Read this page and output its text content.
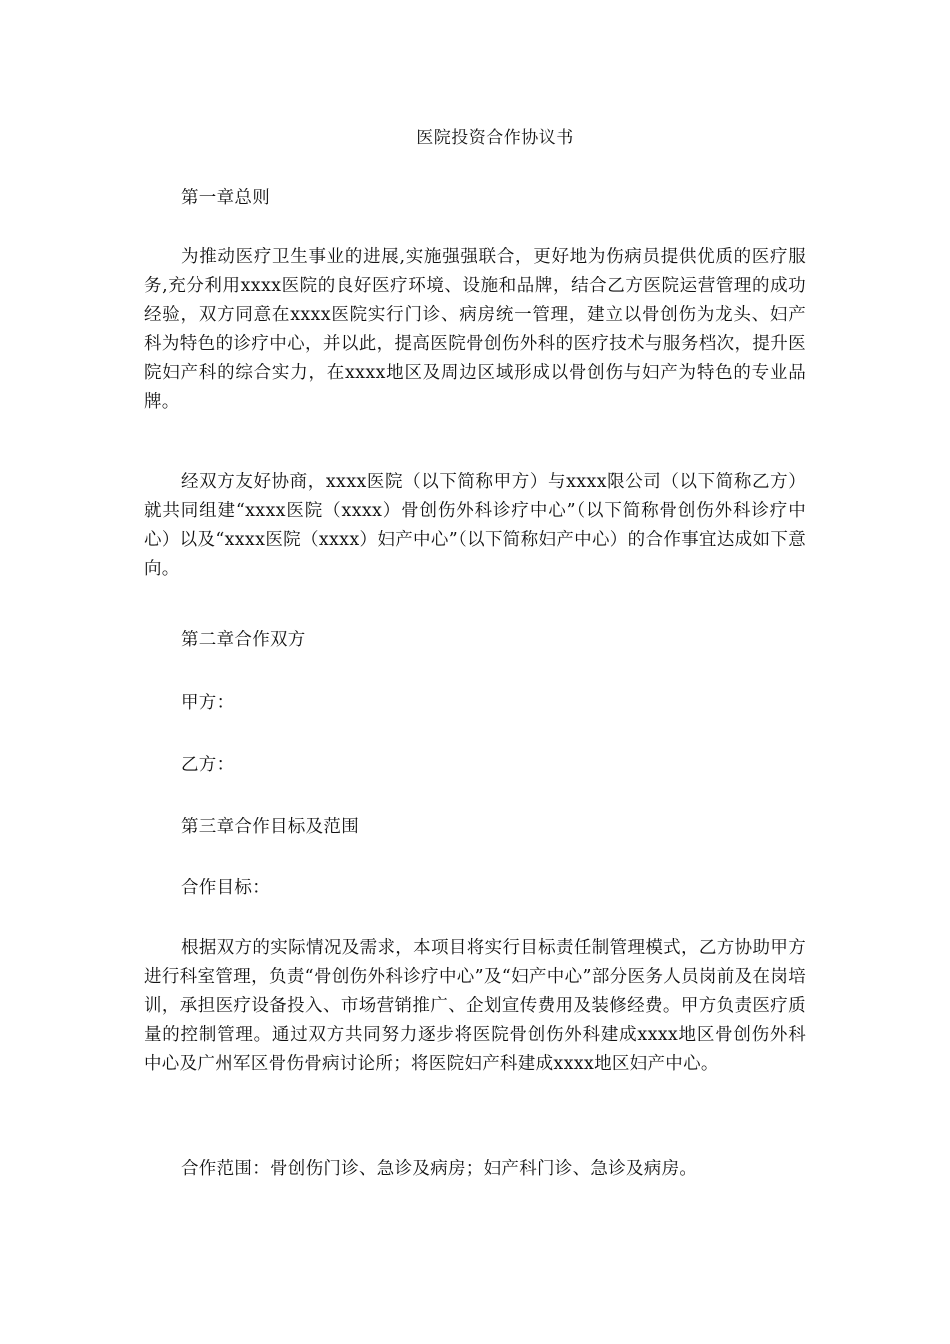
医院投资合作协议书

第一章总则

为推动医疗卫生事业的进展,实施强强联合，更好地为伤病员提供优质的医疗服务,充分利用xxxx医院的良好医疗环境、设施和品牌，结合乙方医院运营管理的成功经验，双方同意在xxxx医院实行门诊、病房统一管理，建立以骨创伤为龙头、妇产科为特色的诊疗中心，并以此，提高医院骨创伤外科的医疗技术与服务档次，提升医院妇产科的综合实力，在xxxx地区及周边区域形成以骨创伤与妇产为特色的专业品牌。

经双方友好协商，xxxx医院（以下简称甲方）与xxxx限公司（以下简称乙方）就共同组建“xxxx医院（xxxx）骨创伤外科诊疗中心”（以下简称骨创伤外科诊疗中心）以及“xxxx医院（xxxx）妇产中心”（以下简称妇产中心）的合作事宜达成如下意向。

第二章合作双方

甲方：

乙方：

第三章合作目标及范围

合作目标：

根据双方的实际情况及需求，本项目将实行目标责任制管理模式，乙方协助甲方进行科室管理，负责“骨创伤外科诊疗中心”及“妇产中心”部分医务人员岗前及在岗培训，承担医疗设备投入、市场营销推广、企划宣传费用及装修经费。甲方负责医疗质量的控制管理。通过双方共同努力逐步将医院骨创伤外科建成xxxx地区骨创伤外科中心及广州军区骨伤骨病讨论所；将医院妇产科建成xxxx地区妇产中心。

合作范围：骨创伤门诊、急诊及病房；妇产科门诊、急诊及病房。
